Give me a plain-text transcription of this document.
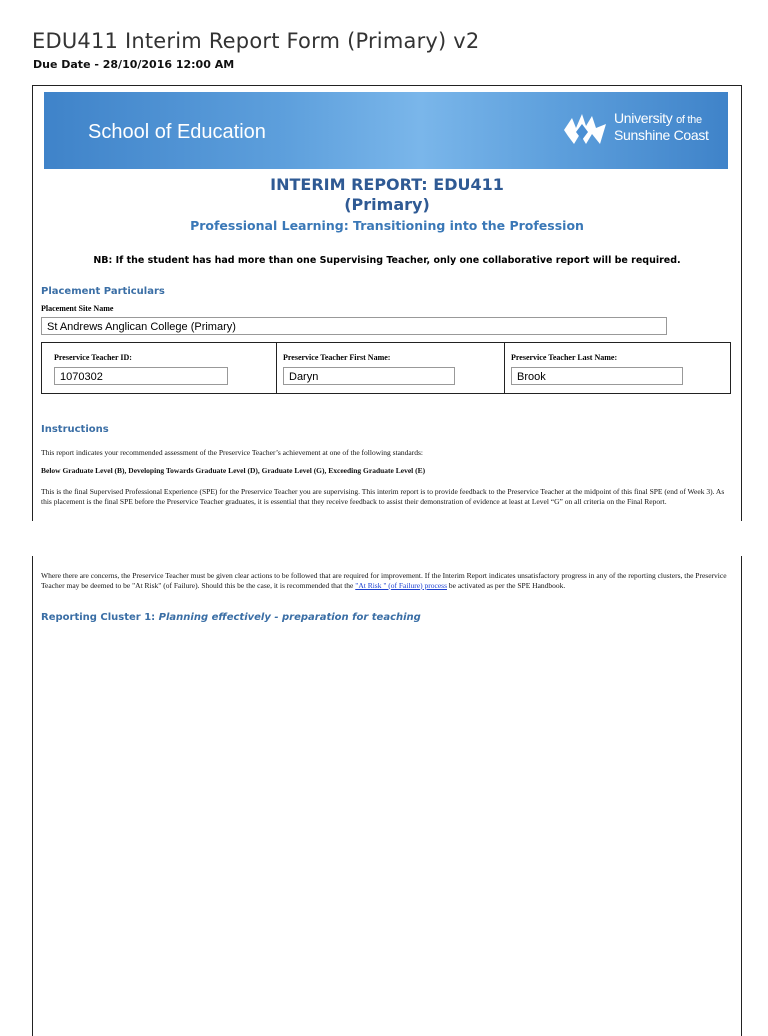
EDU411 Interim Report Form (Primary) v2
Due Date - 28/10/2016 12:00 AM
School of Education
University of the
Sunshine Coast
INTERIM REPORT: EDU411
(Primary)
Professional Learning: Transitioning into the Profession
NB: If the student has had more than one Supervising Teacher, only one collaborative report will be required.
Placement Particulars
Placement Site Name
St Andrews Anglican College (Primary)
Preservice Teacher ID:
1070302
Preservice Teacher First Name:
Daryn
Preservice Teacher Last Name:
Brook
Instructions
This report indicates your recommended assessment of the Preservice Teacher’s achievement at one of the following standards:
Below Graduate Level (B), Developing Towards Graduate Level (D), Graduate Level (G), Exceeding Graduate Level (E)
This is the final Supervised Professional Experience (SPE) for the Preservice Teacher you are supervising. This interim report is to provide feedback to the Preservice Teacher at the midpoint of this final SPE (end of Week 3). As this placement is the final SPE before the Preservice Teacher graduates, it is essential that they receive feedback to assist their demonstration of evidence at least at Level “G” on all criteria on the Final Report.
Where there are concerns, the Preservice Teacher must be given clear actions to be followed that are required for improvement. If the Interim Report indicates unsatisfactory progress in any of the reporting clusters, the Preservice Teacher may be deemed to be "At Risk" (of Failure). Should this be the case, it is recommended that the "At Risk " (of Failure) process be activated as per the SPE Handbook.
Reporting Cluster 1: Planning effectively - preparation for teaching
